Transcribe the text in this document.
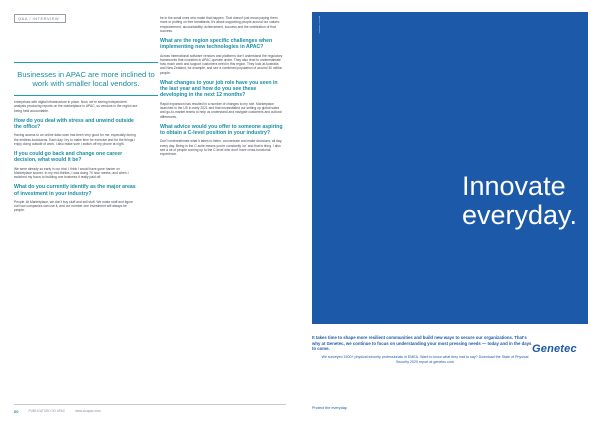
Q&A / INTERVIEW
Businesses in APAC are more inclined to work with smaller local vendors.

enterprises with digital infrastructure in place. Now, we're seeing independent analysts producing reports on the marketplace in APAC, so vendors in the region are being held accountable.

How do you deal with stress and unwind outside the office?

Having access to an online data room has been very good for me, especially during the endless lockdowns. Each day I try to make time for exercise and for the things I enjoy doing outside of work. I also make sure I switch off my phone at night.

If you could go back and change one career decision, what would it be?

We were already so early in our trial. I think I would have gone harder on Marketplace sooner. In my mid-thirties, I was doing 70 hour weeks, and when I switched my focus to building one business it really paid off.

What do you currently identify as the major areas of investment in your industry?

People. At Marketplace, we don't buy stuff and sell stuff. We make stuff and figure out how companies can use it, and our number one investment will always be people.

be in the small ones who make that happen. That doesn't just mean paying them more or putting on free breakfasts, it's about supporting people around our values: empowerment, accountability, achievement, success and the celebration of that success.

What are the region specific challenges when implementing new technologies in APAC?

Across international software vendors and platforms don't understand the regulatory frameworks that countries in APAC operate under. They also tend to underestimate how much work and support customers need in this region. They look at Australia and New Zealand, for example, and see a combined population of around 30 million people.

What changes to your job role have you seen in the last year and how do you see these developing in the next 12 months?

Rapid expansion has resulted in a number of changes to my role. Marketplace launched in the US in early 2021 and that necessitated our setting up global sales and go-to-market teams to help us understand and navigate customers and cultural differences.

What advice would you offer to someone aspiring to obtain a C-level position in your industry?

Don't underestimate what it takes to listen, concentrate and make decisions, all day, every day. Being in the C-suite means you're constantly 'on' and that is tiring. I also see a lot of people coming up to the C-level who don't have cross-functional experience.

60	PUBLICATION CIO APAC	www.cioapac.com
ADVERTISEMENT
Innovate everyday.
It takes time to shape more resilient communities and build new ways to secure our organizations. That's why at Genetec, we continue to focus on understanding your most pressing needs — today and in the days to come.
We surveyed 1500+ physical security professionals in EMEA. Want to know what they had to say? Download the State of Physical Security 2020 report at genetec.com
Genetec
Protect the everyday.
